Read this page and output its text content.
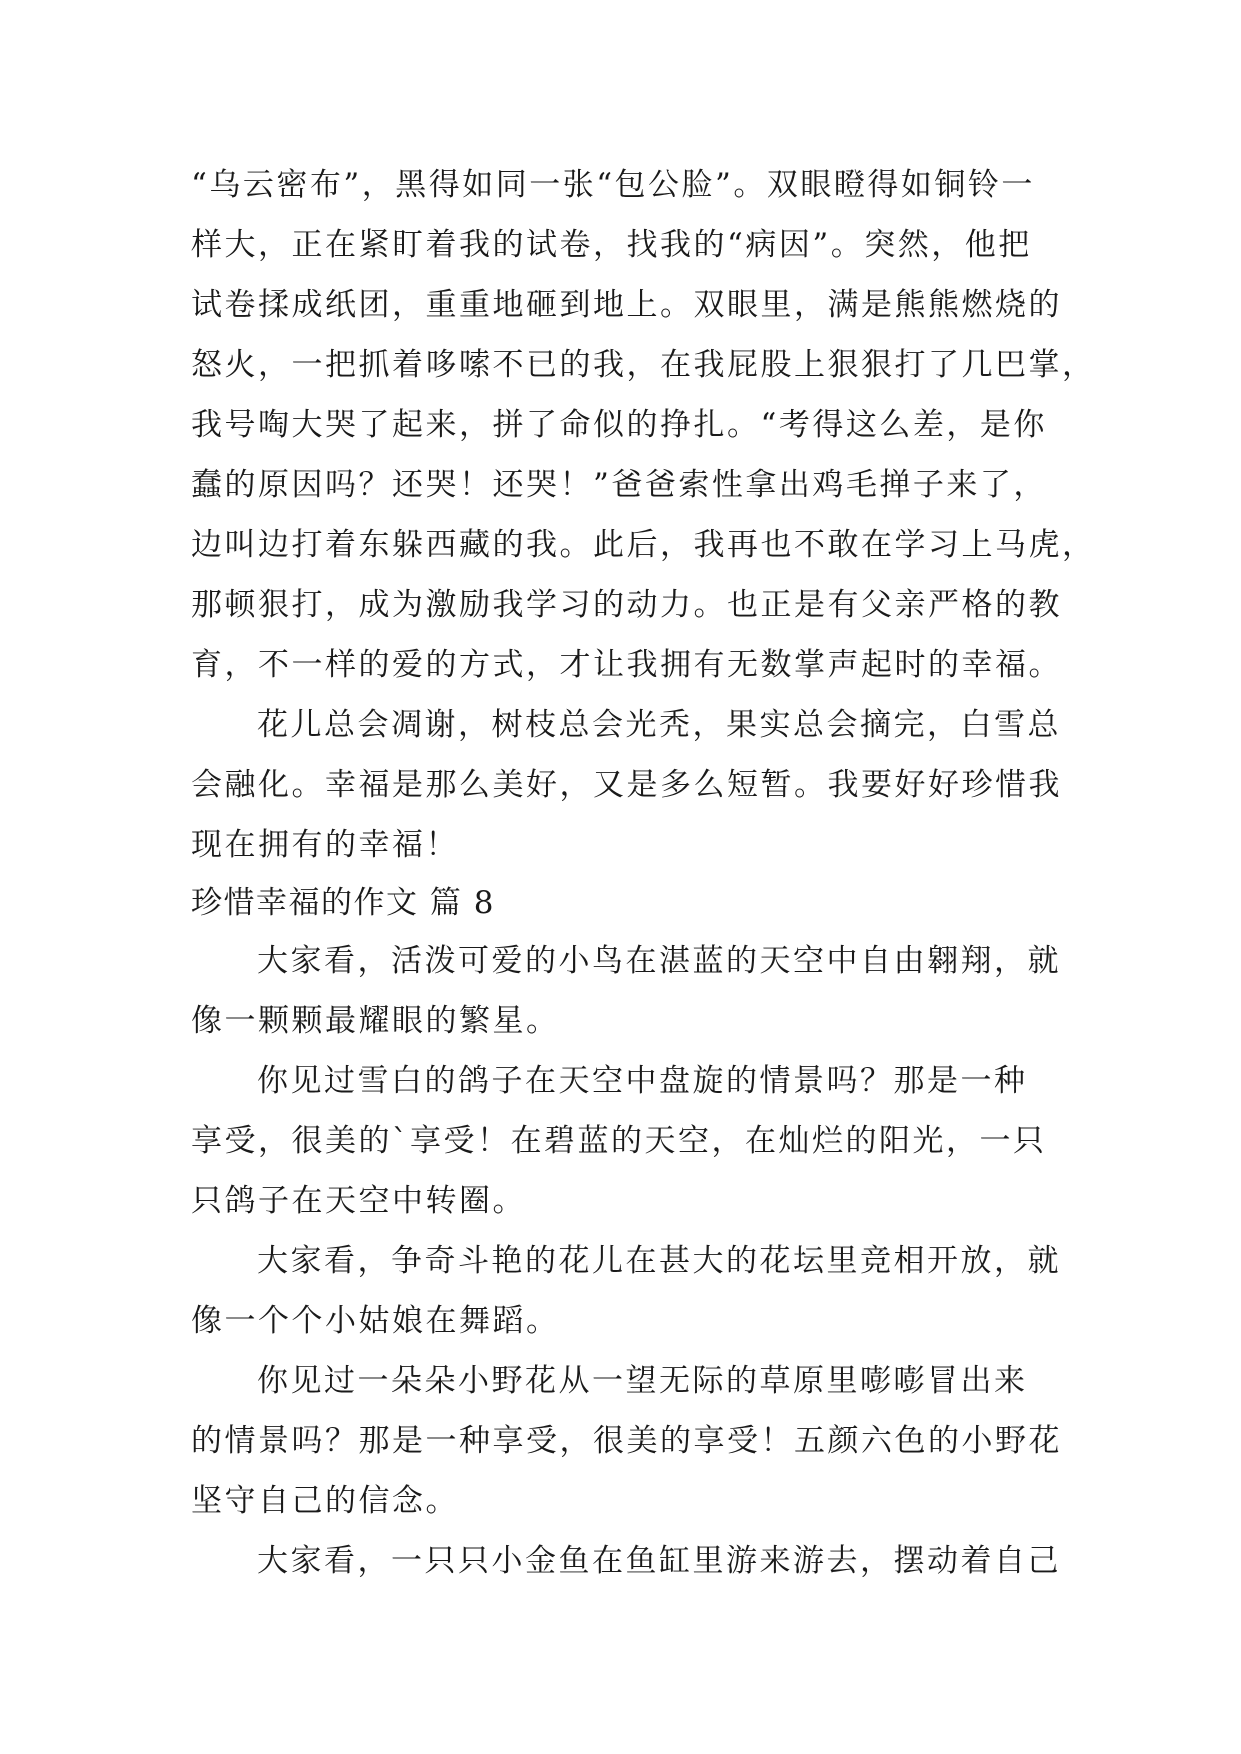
“乌云密布”，黑得如同一张“包公脸”。双眼瞪得如铜铃一
样大，正在紧盯着我的试卷，找我的“病因”。突然，他把
试卷揉成纸团，重重地砸到地上。双眼里，满是熊熊燃烧的
怒火，一把抓着哆嗦不已的我，在我屁股上狠狠打了几巴掌，
我号啕大哭了起来，拼了命似的挣扎。“考得这么差，是你
蠢的原因吗？还哭！还哭！”爸爸索性拿出鸡毛掸子来了，
边叫边打着东躲西藏的我。此后，我再也不敢在学习上马虎，
那顿狠打，成为激励我学习的动力。也正是有父亲严格的教
育，不一样的爱的方式，才让我拥有无数掌声起时的幸福。
花儿总会凋谢，树枝总会光秃，果实总会摘完，白雪总
会融化。幸福是那么美好，又是多么短暂。我要好好珍惜我
现在拥有的幸福！
珍惜幸福的作文 篇 8
大家看，活泼可爱的小鸟在湛蓝的天空中自由翱翔，就
像一颗颗最耀眼的繁星。
你见过雪白的鸽子在天空中盘旋的情景吗？那是一种
享受，很美的`享受！在碧蓝的天空，在灿烂的阳光，一只
只鸽子在天空中转圈。
大家看，争奇斗艳的花儿在甚大的花坛里竞相开放，就
像一个个小姑娘在舞蹈。
你见过一朵朵小野花从一望无际的草原里嘭嘭冒出来
的情景吗？那是一种享受，很美的享受！五颜六色的小野花
坚守自己的信念。
大家看，一只只小金鱼在鱼缸里游来游去，摆动着自己
